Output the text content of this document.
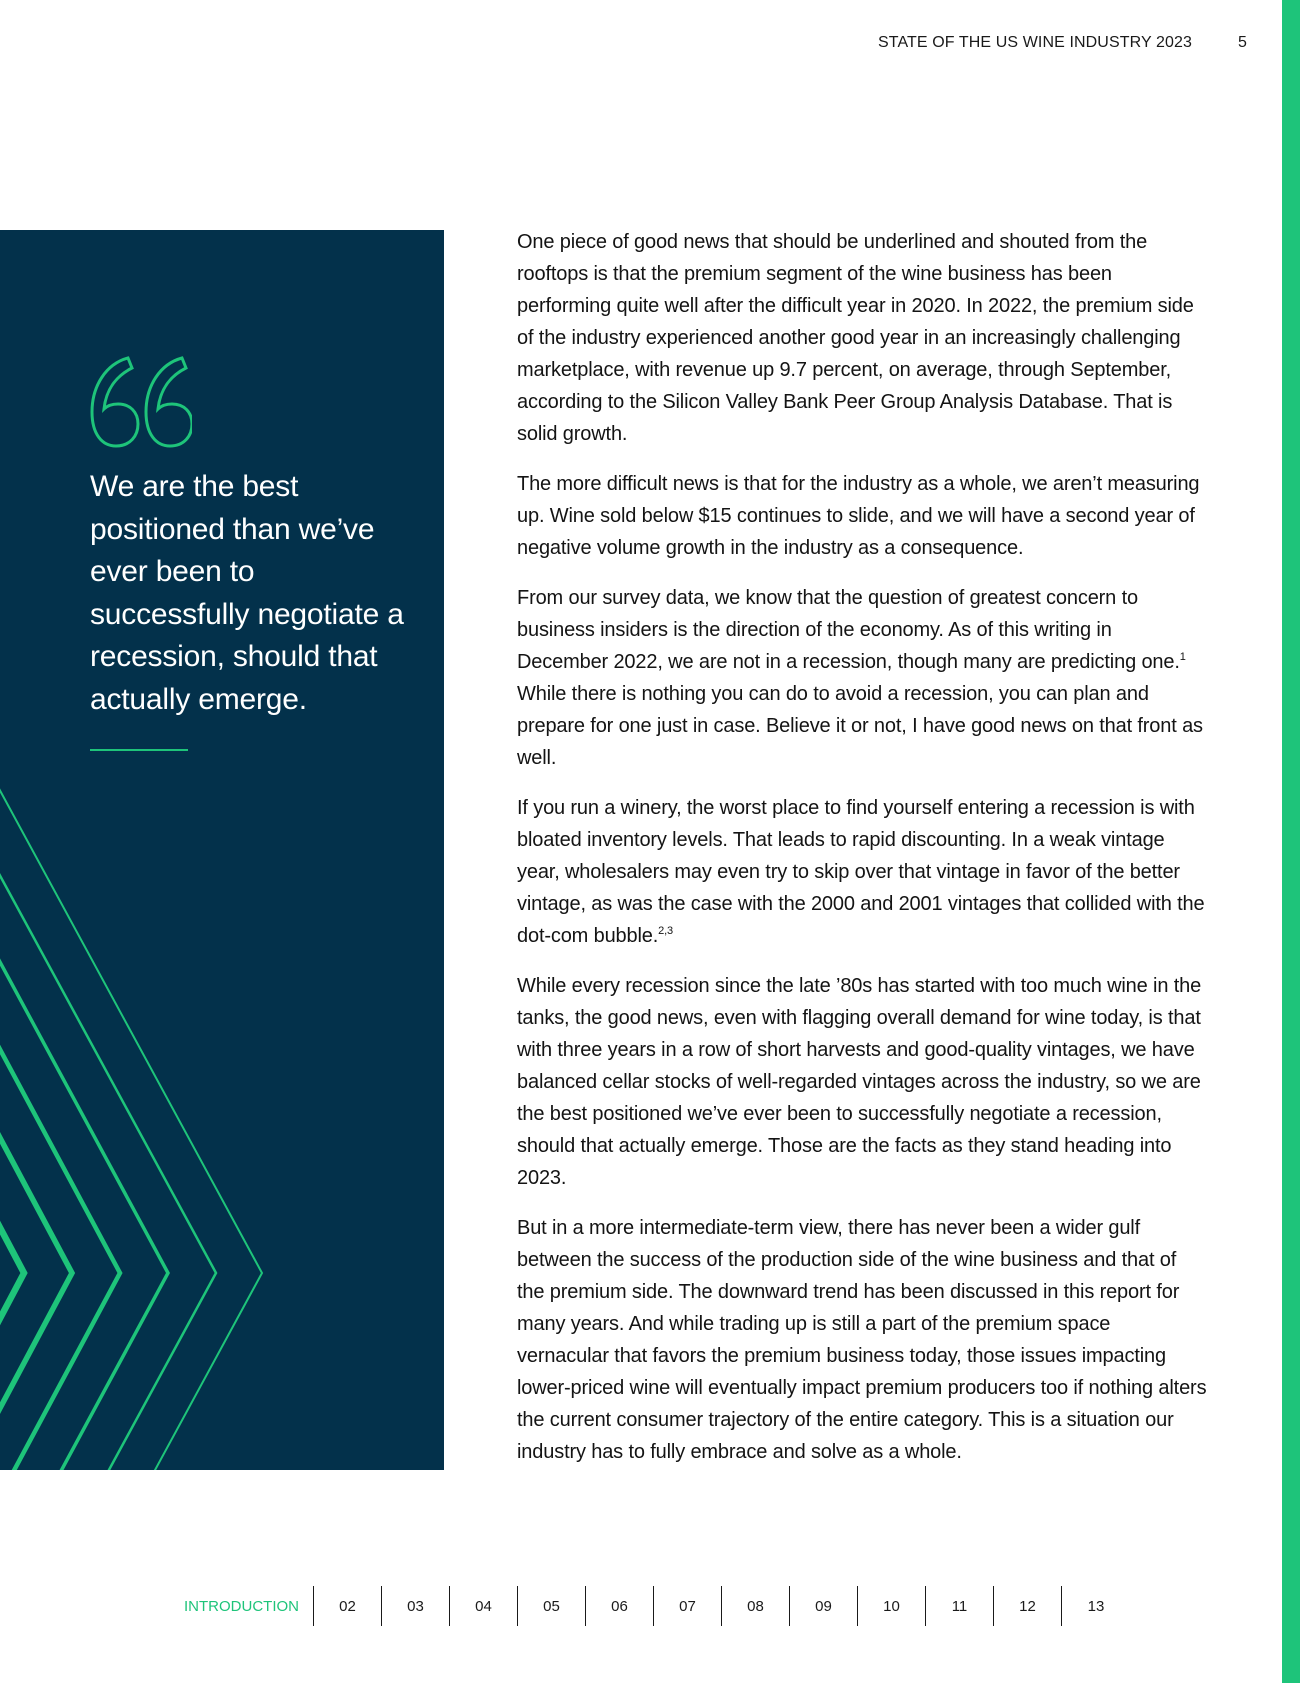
STATE OF THE US WINE INDUSTRY 2023	5

We are the best positioned than we’ve ever been to successfully negotiate a recession, should that actually emerge.

One piece of good news that should be underlined and shouted from the rooftops is that the premium segment of the wine business has been performing quite well after the difficult year in 2020. In 2022, the premium side of the industry experienced another good year in an increasingly challenging marketplace, with revenue up 9.7 percent, on average, through September, according to the Silicon Valley Bank Peer Group Analysis Database. That is solid growth.

The more difficult news is that for the industry as a whole, we aren’t measuring up. Wine sold below $15 continues to slide, and we will have a second year of negative volume growth in the industry as a consequence.

From our survey data, we know that the question of greatest concern to business insiders is the direction of the economy. As of this writing in December 2022, we are not in a recession, though many are predicting one.$^1$ While there is nothing you can do to avoid a recession, you can plan and prepare for one just in case. Believe it or not, I have good news on that front as well.

If you run a winery, the worst place to find yourself entering a recession is with bloated inventory levels. That leads to rapid discounting. In a weak vintage year, wholesalers may even try to skip over that vintage in favor of the better vintage, as was the case with the 2000 and 2001 vintages that collided with the dot-com bubble.$^{2,3}$

While every recession since the late ’80s has started with too much wine in the tanks, the good news, even with flagging overall demand for wine today, is that with three years in a row of short harvests and good-quality vintages, we have balanced cellar stocks of well-regarded vintages across the industry, so we are the best positioned we’ve ever been to successfully negotiate a recession, should that actually emerge. Those are the facts as they stand heading into 2023.

But in a more intermediate-term view, there has never been a wider gulf between the success of the production side of the wine business and that of the premium side. The downward trend has been discussed in this report for many years. And while trading up is still a part of the premium space vernacular that favors the premium business today, those issues impacting lower-priced wine will eventually impact premium producers too if nothing alters the current consumer trajectory of the entire category. This is a situation our industry has to fully embrace and solve as a whole.

INTRODUCTION	02	03	04	05	06	07	08	09	10	11	12	13
